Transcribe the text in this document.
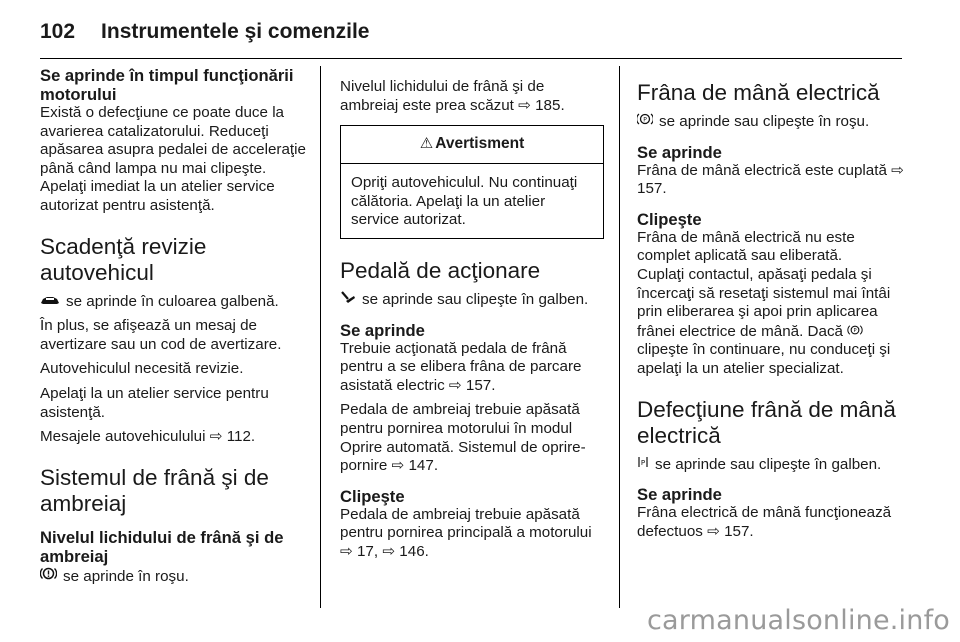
102 Instrumentele şi comenzile
Se aprinde în timpul funcţionării motorului

Există o defecţiune ce poate duce la avarierea catalizatorului. Reduceţi apăsarea asupra pedalei de acceleraţie până când lampa nu mai clipeşte. Apelaţi imediat la un atelier service autorizat pentru asistenţă.

Scadenţă revizie autovehicul

se aprinde în culoarea galbenă.

În plus, se afişează un mesaj de avertizare sau un cod de avertizare.

Autovehiculul necesită revizie.

Apelaţi la un atelier service pentru asistenţă.

Mesajele autovehiculului ⇨ 112.

Sistemul de frână şi de ambreiaj
Nivelul lichidului de frână şi de ambreiaj

se aprinde în roşu.

Nivelul lichidului de frână şi de ambreiaj este prea scăzut ⇨ 185.

⚠ Avertisment
Opriţi autovehiculul. Nu continuaţi călătoria. Apelaţi la un atelier service autorizat.
Pedală de acţionare

se aprinde sau clipeşte în galben.

Se aprinde

Trebuie acţionată pedala de frână pentru a se elibera frâna de parcare asistată electric ⇨ 157.

Pedala de ambreiaj trebuie apăsată pentru pornirea motorului în modul Oprire automată. Sistemul de oprire-pornire ⇨ 147.

Clipeşte

Pedala de ambreiaj trebuie apăsată pentru pornirea principală a motorului ⇨ 17, ⇨ 146.

Frâna de mână electrică

P se aprinde sau clipeşte în roşu.

Se aprinde

Frâna de mână electrică este cuplată ⇨ 157.

Clipeşte

Frâna de mână electrică nu este complet aplicată sau eliberată.

Cuplaţi contactul, apăsaţi pedala şi încercaţi să resetaţi sistemul mai întâi prin eliberarea şi apoi prin aplicarea frânei electrice de mână. Dacă P
clipeşte în continuare, nu conduceţi şi apelaţi la un atelier specializat.

Defecţiune frână de mână electrică

P se aprinde sau clipeşte în galben.

Se aprinde

Frâna electrică de mână funcţionează defectuos ⇨ 157.

carmanualsonline.info
